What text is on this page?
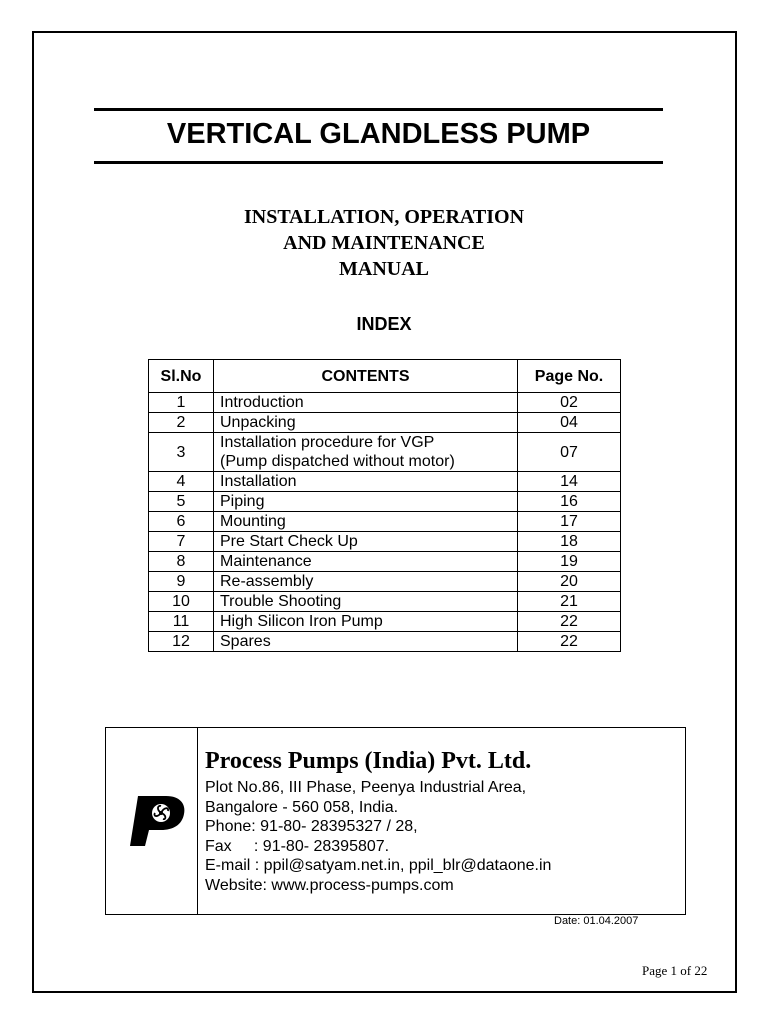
VERTICAL GLANDLESS PUMP
INSTALLATION, OPERATION
AND MAINTENANCE
MANUAL
INDEX
Sl.No	CONTENTS	Page No.
1	Introduction	02
2	Unpacking	04
3	Installation procedure for VGP
(Pump dispatched without motor)	07
4	Installation	14
5	Piping	16
6	Mounting	17
7	Pre Start Check Up	18
8	Maintenance	19
9	Re-assembly	20
10	Trouble Shooting	21
11	High Silicon Iron Pump	22
12	Spares	22
Process Pumps (India) Pvt. Ltd.
Plot No.86, III Phase, Peenya Industrial Area,
Bangalore - 560 058, India.
Phone: 91-80- 28395327 / 28,
Fax     : 91-80- 28395807.
E-mail : ppil@satyam.net.in, ppil_blr@dataone.in
Website: www.process-pumps.com
Date: 01.04.2007
Page 1 of 22
